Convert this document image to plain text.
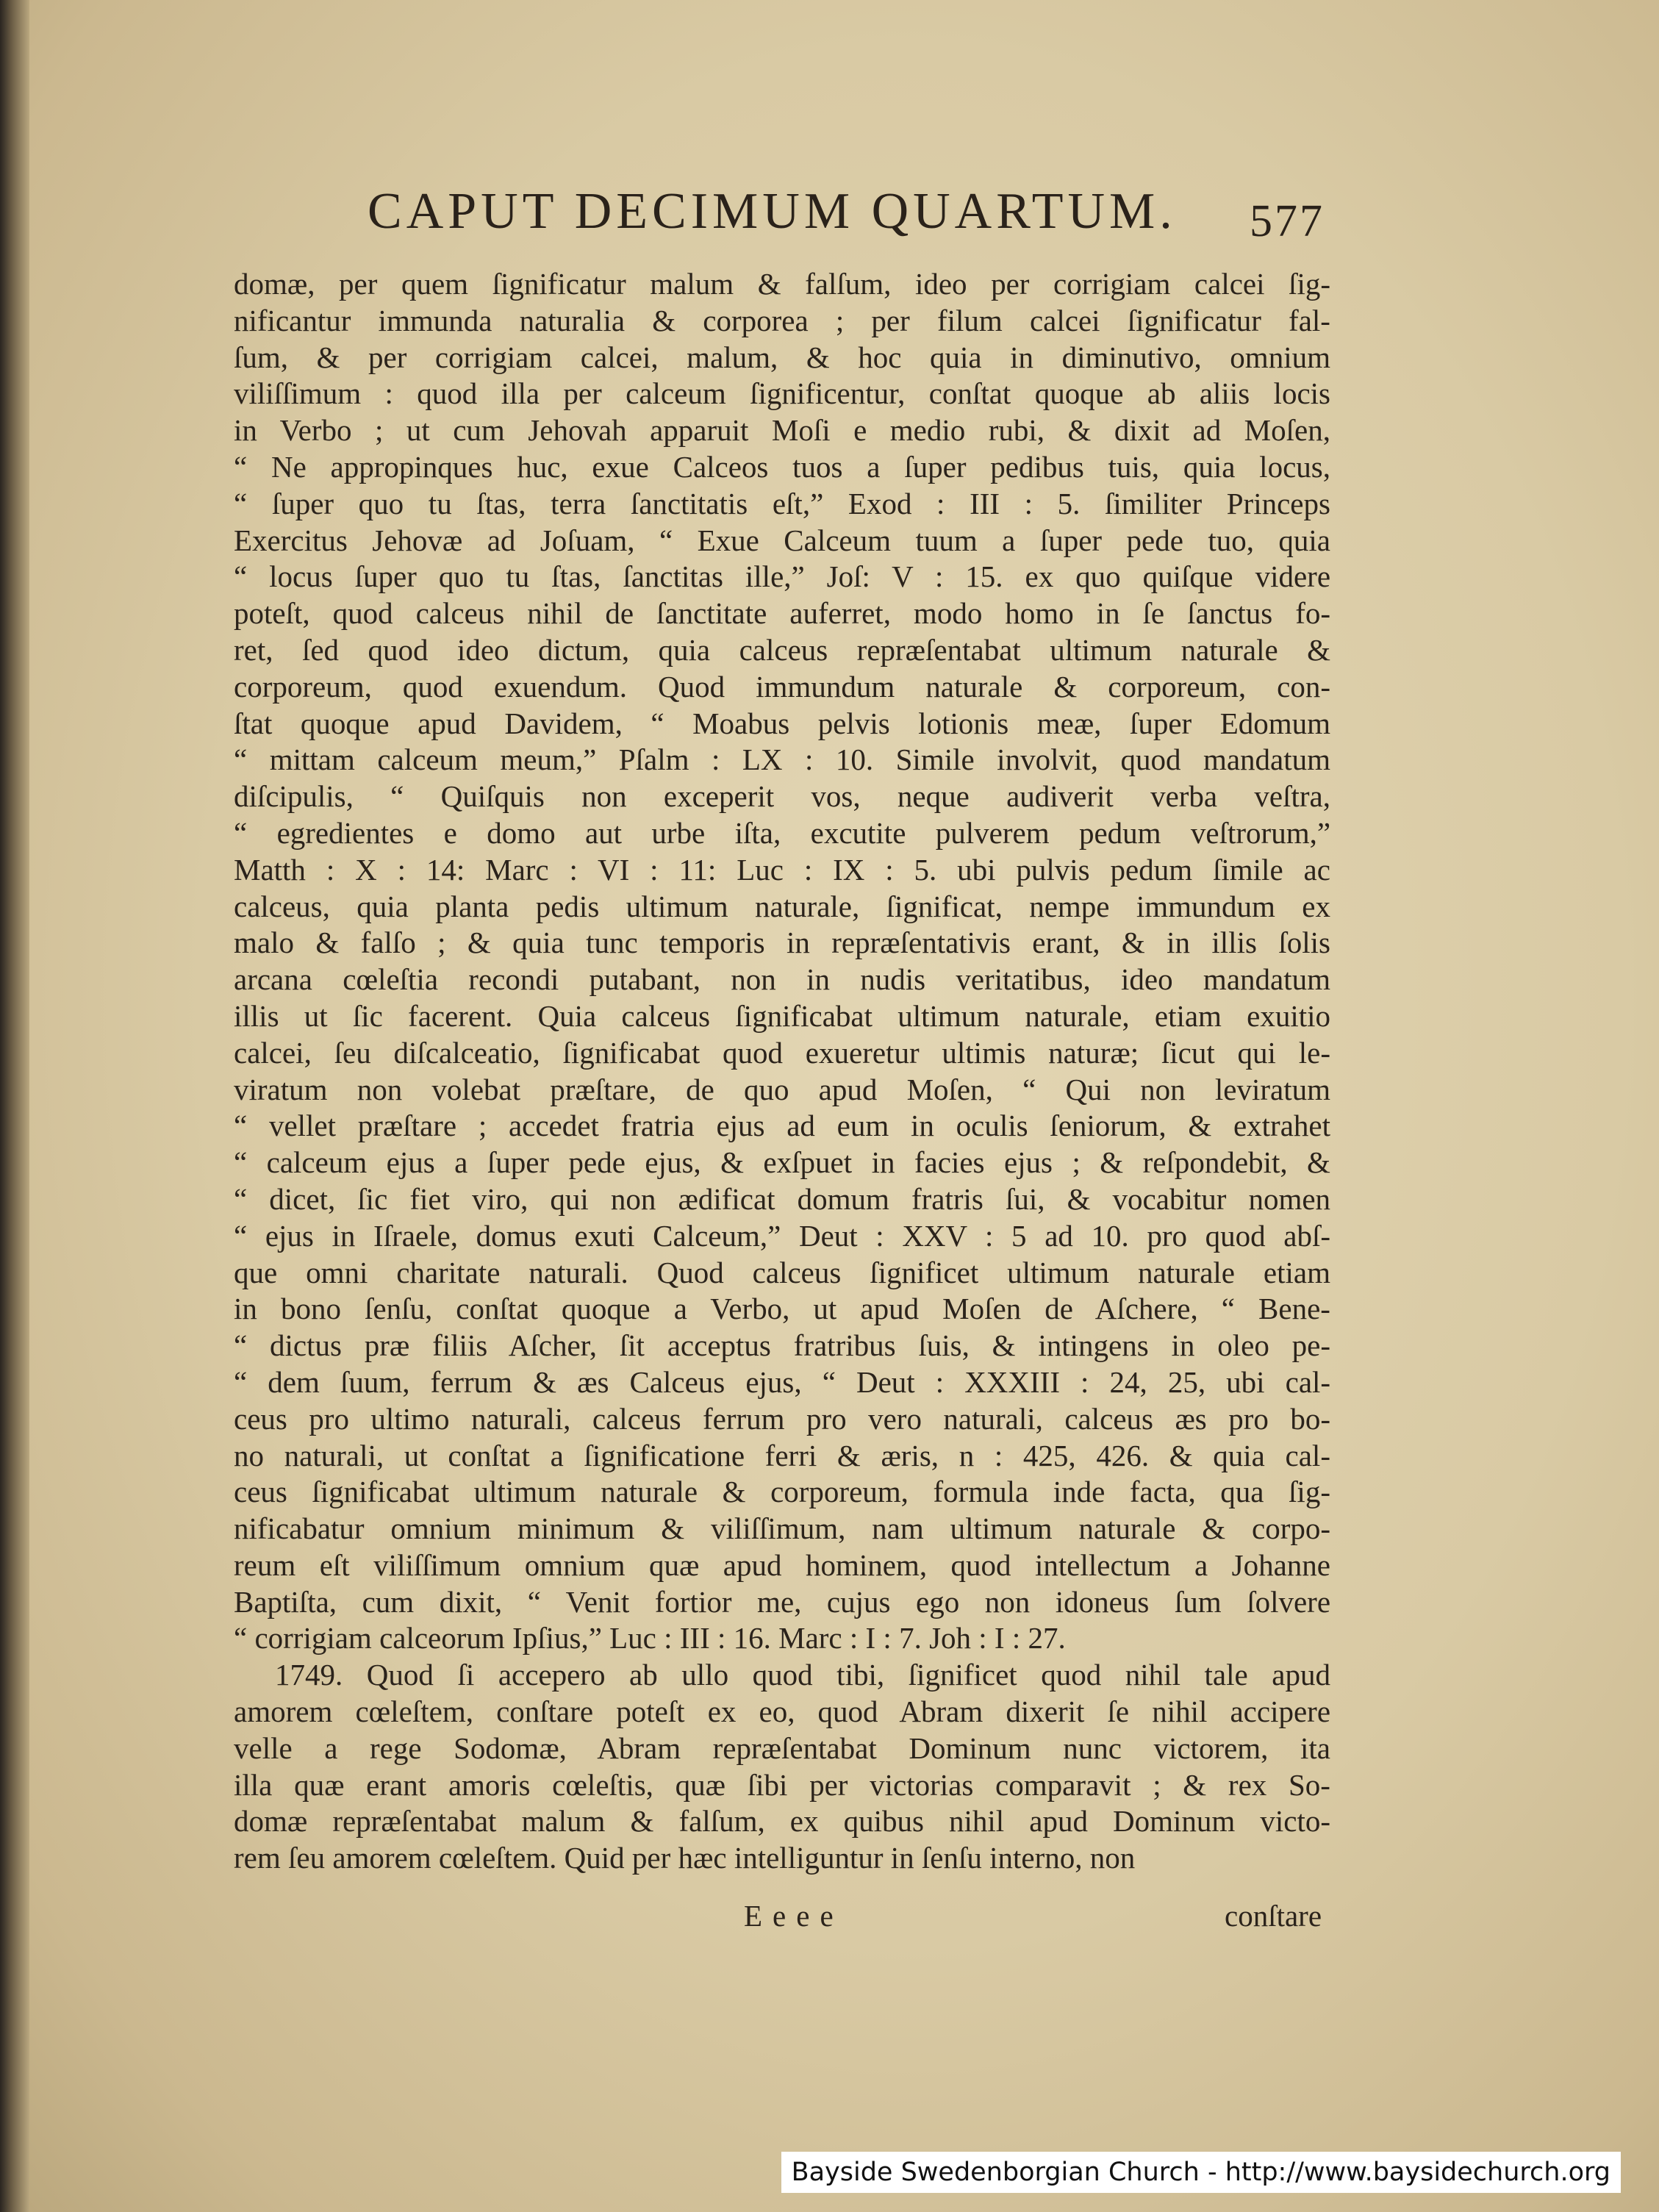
CAPUT DECIMUM QUARTUM. 577
domæ, per quem ſignificatur malum & falſum, ideo per corrigiam calcei ſig-
nificantur immunda naturalia & corporea ; per filum calcei ſignificatur fal-
ſum, & per corrigiam calcei, malum, & hoc quia in diminutivo, omnium
viliſſimum : quod illa per calceum ſignificentur, conſtat quoque ab aliis locis
in Verbo ; ut cum Jehovah apparuit Moſi e medio rubi, & dixit ad Moſen,
“ Ne appropinques huc, exue Calceos tuos a ſuper pedibus tuis, quia locus,
“ ſuper quo tu ſtas, terra ſanctitatis eſt,” Exod : III : 5. ſimiliter Princeps
Exercitus Jehovæ ad Joſuam, “ Exue Calceum tuum a ſuper pede tuo, quia
“ locus ſuper quo tu ſtas, ſanctitas ille,” Joſ: V : 15. ex quo quiſque videre
poteſt, quod calceus nihil de ſanctitate auferret, modo homo in ſe ſanctus fo-
ret, ſed quod ideo dictum, quia calceus repræſentabat ultimum naturale &
corporeum, quod exuendum. Quod immundum naturale & corporeum, con-
ſtat quoque apud Davidem, “ Moabus pelvis lotionis meæ, ſuper Edomum
“ mittam calceum meum,” Pſalm : LX : 10. Simile involvit, quod mandatum
diſcipulis, “ Quiſquis non exceperit vos, neque audiverit verba veſtra,
“ egredientes e domo aut urbe iſta, excutite pulverem pedum veſtrorum,”
Matth : X : 14: Marc : VI : 11: Luc : IX : 5. ubi pulvis pedum ſimile ac
calceus, quia planta pedis ultimum naturale, ſignificat, nempe immundum ex
malo & falſo ; & quia tunc temporis in repræſentativis erant, & in illis ſolis
arcana cœleſtia recondi putabant, non in nudis veritatibus, ideo mandatum
illis ut ſic facerent. Quia calceus ſignificabat ultimum naturale, etiam exuitio
calcei, ſeu diſcalceatio, ſignificabat quod exueretur ultimis naturæ; ſicut qui le-
viratum non volebat præſtare, de quo apud Moſen, “ Qui non leviratum
“ vellet præſtare ; accedet fratria ejus ad eum in oculis ſeniorum, & extrahet
“ calceum ejus a ſuper pede ejus, & exſpuet in facies ejus ; & reſpondebit, &
“ dicet, ſic fiet viro, qui non ædificat domum fratris ſui, & vocabitur nomen
“ ejus in Iſraele, domus exuti Calceum,” Deut : XXV : 5 ad 10. pro quod abſ-
que omni charitate naturali. Quod calceus ſignificet ultimum naturale etiam
in bono ſenſu, conſtat quoque a Verbo, ut apud Moſen de Aſchere, “ Bene-
“ dictus præ filiis Aſcher, ſit acceptus fratribus ſuis, & intingens in oleo pe-
“ dem ſuum, ferrum & æs Calceus ejus, “ Deut : XXXIII : 24, 25, ubi cal-
ceus pro ultimo naturali, calceus ferrum pro vero naturali, calceus æs pro bo-
no naturali, ut conſtat a ſignificatione ferri & æris, n : 425, 426. & quia cal-
ceus ſignificabat ultimum naturale & corporeum, formula inde facta, qua ſig-
nificabatur omnium minimum & viliſſimum, nam ultimum naturale & corpo-
reum eſt viliſſimum omnium quæ apud hominem, quod intellectum a Johanne
Baptiſta, cum dixit, “ Venit fortior me, cujus ego non idoneus ſum ſolvere
“ corrigiam calceorum Ipſius,” Luc : III : 16. Marc : I : 7. Joh : I : 27.
1749. Quod ſi accepero ab ullo quod tibi, ſignificet quod nihil tale apud
amorem cœleſtem, conſtare poteſt ex eo, quod Abram dixerit ſe nihil accipere
velle a rege Sodomæ, Abram repræſentabat Dominum nunc victorem, ita
illa quæ erant amoris cœleſtis, quæ ſibi per victorias comparavit ; & rex So-
domæ repræſentabat malum & falſum, ex quibus nihil apud Dominum victo-
rem ſeu amorem cœleſtem. Quid per hæc intelliguntur in ſenſu interno, non
Eeee	conſtare
Bayside Swedenborgian Church - http://www.baysidechurch.org
